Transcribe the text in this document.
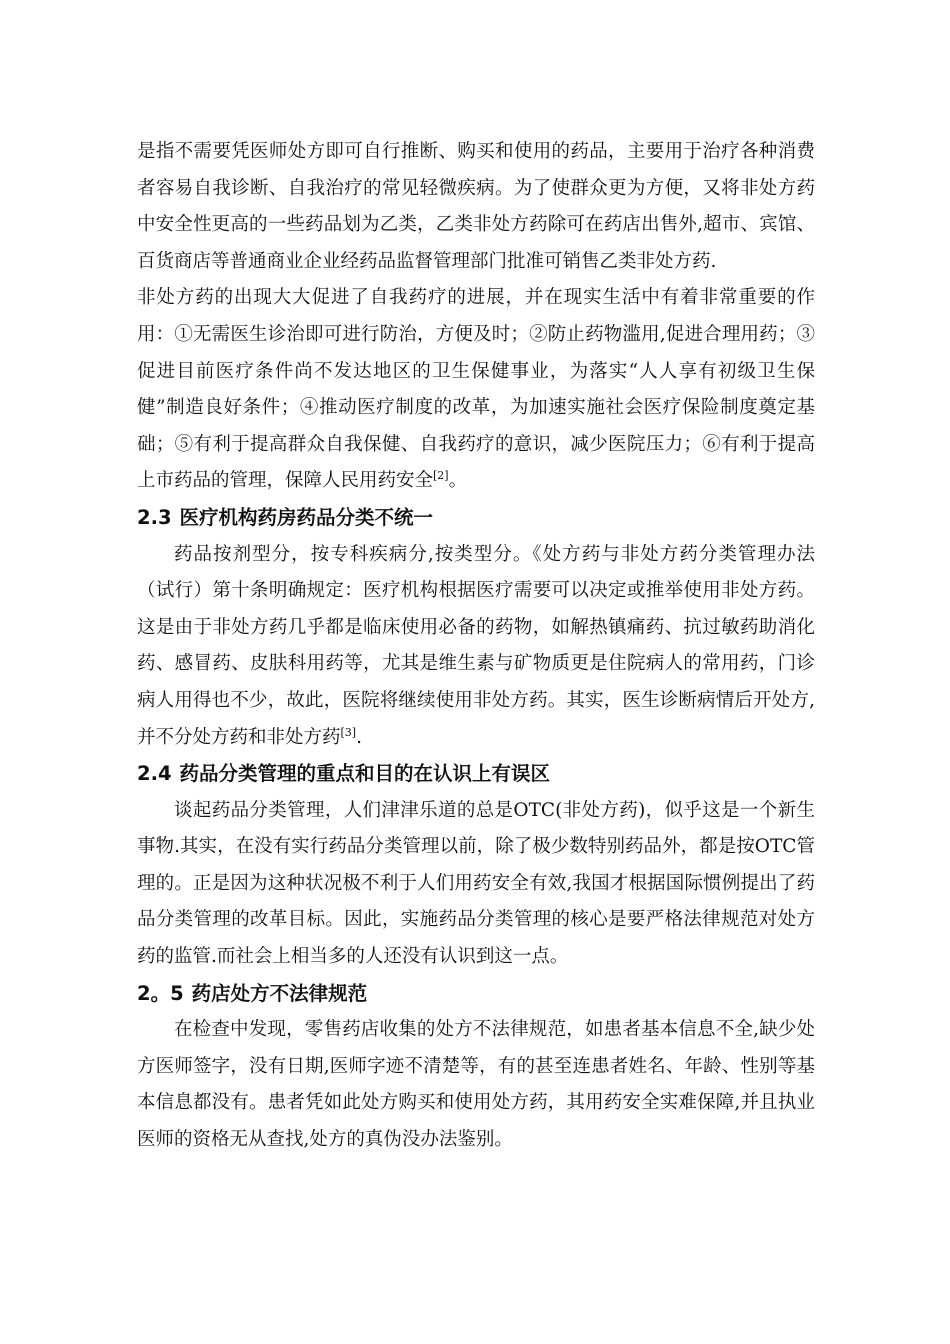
是指不需要凭医师处方即可自行推断、购买和使用的药品，主要用于治疗各种消费者容易自我诊断、自我治疗的常见轻微疾病。为了使群众更为方便，又将非处方药中安全性更高的一些药品划为乙类，乙类非处方药除可在药店出售外,超市、宾馆、百货商店等普通商业企业经药品监督管理部门批准可销售乙类非处方药.

非处方药的出现大大促进了自我药疗的进展，并在现实生活中有着非常重要的作用：①无需医生诊治即可进行防治，方便及时；②防止药物滥用,促进合理用药；③促进目前医疗条件尚不发达地区的卫生保健事业，为落实“人人享有初级卫生保健”制造良好条件；④推动医疗制度的改革，为加速实施社会医疗保险制度奠定基础；⑤有利于提高群众自我保健、自我药疗的意识，减少医院压力；⑥有利于提高上市药品的管理，保障人民用药安全[2]。

2.3 医疗机构药房药品分类不统一

药品按剂型分，按专科疾病分,按类型分。《处方药与非处方药分类管理办法（试行）第十条明确规定：医疗机构根据医疗需要可以决定或推举使用非处方药。这是由于非处方药几乎都是临床使用必备的药物，如解热镇痛药、抗过敏药助消化药、感冒药、皮肤科用药等，尤其是维生素与矿物质更是住院病人的常用药，门诊病人用得也不少，故此，医院将继续使用非处方药。其实，医生诊断病情后开处方,并不分处方药和非处方药[3].

2.4 药品分类管理的重点和目的在认识上有误区

谈起药品分类管理，人们津津乐道的总是OTC(非处方药)，似乎这是一个新生事物.其实，在没有实行药品分类管理以前，除了极少数特别药品外，都是按OTC管理的。正是因为这种状况极不利于人们用药安全有效,我国才根据国际惯例提出了药品分类管理的改革目标。因此，实施药品分类管理的核心是要严格法律规范对处方药的监管.而社会上相当多的人还没有认识到这一点。

2。5 药店处方不法律规范

在检查中发现，零售药店收集的处方不法律规范，如患者基本信息不全,缺少处方医师签字，没有日期,医师字迹不清楚等，有的甚至连患者姓名、年龄、性别等基本信息都没有。患者凭如此处方购买和使用处方药，其用药安全实难保障,并且执业医师的资格无从查找,处方的真伪没办法鉴别。
